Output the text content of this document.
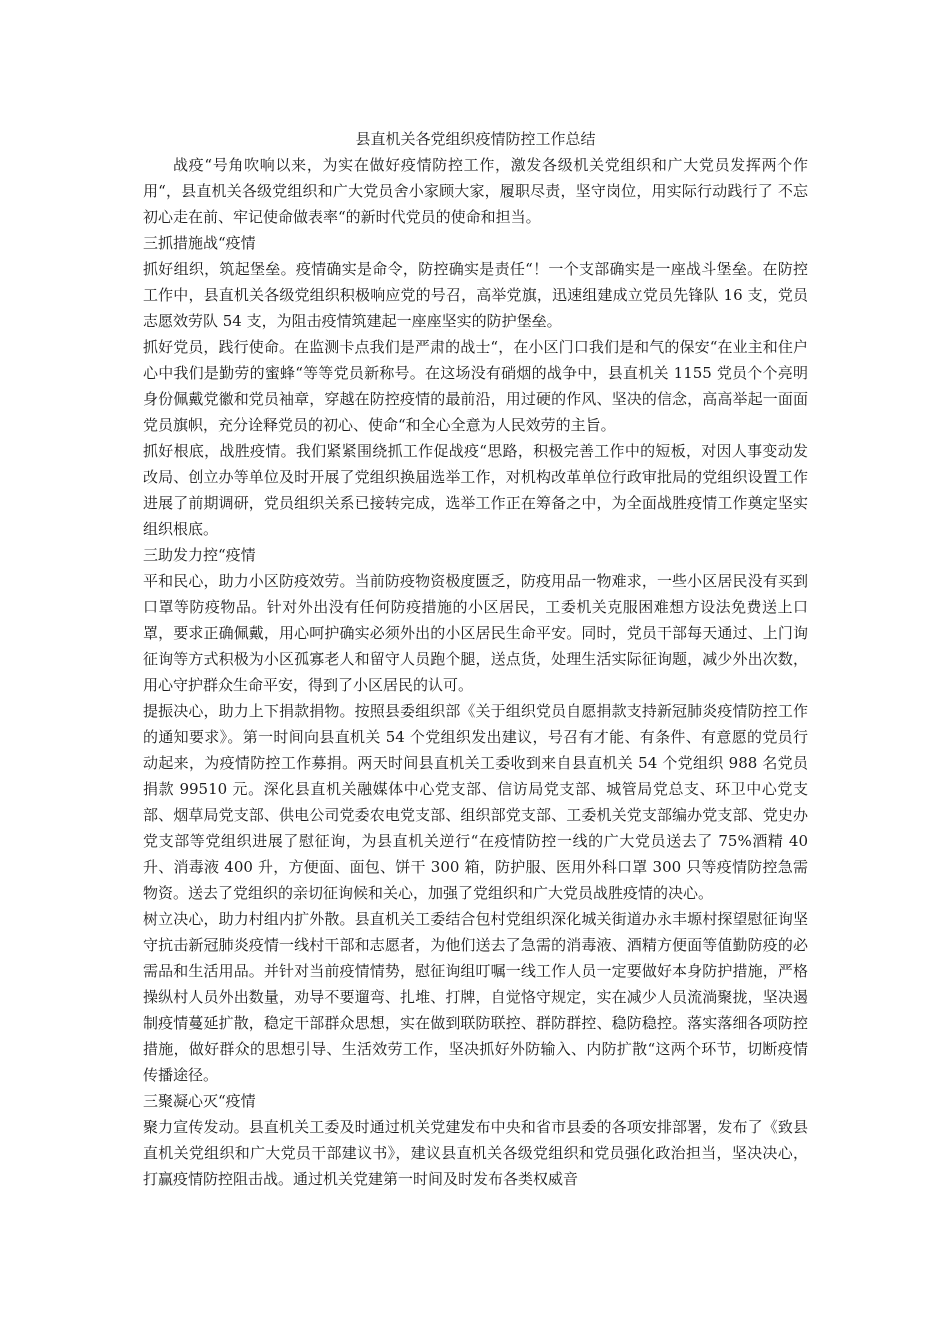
县直机关各党组织疫情防控工作总结

战疫“号角吹响以来，为实在做好疫情防控工作，激发各级机关党组织和广大党员发挥两个作用“，县直机关各级党组织和广大党员舍小家顾大家，履职尽责，坚守岗位，用实际行动践行了 不忘初心走在前、牢记使命做表率“的新时代党员的使命和担当。

三抓措施战“疫情

抓好组织，筑起堡垒。疫情确实是命令，防控确实是责任“！一个支部确实是一座战斗堡垒。在防控工作中，县直机关各级党组织积极响应党的号召，高举党旗，迅速组建成立党员先锋队 16 支，党员志愿效劳队 54 支，为阻击疫情筑建起一座座坚实的防护堡垒。

抓好党员，践行使命。在监测卡点我们是严肃的战士“，在小区门口我们是和气的保安“在业主和住户心中我们是勤劳的蜜蜂“等等党员新称号。在这场没有硝烟的战争中，县直机关 1155 党员个个亮明身份佩戴党徽和党员袖章，穿越在防控疫情的最前沿，用过硬的作风、坚决的信念，高高举起一面面党员旗帜，充分诠释党员的初心、使命“和全心全意为人民效劳的主旨。

抓好根底，战胜疫情。我们紧紧围绕抓工作促战疫“思路，积极完善工作中的短板，对因人事变动发改局、创立办等单位及时开展了党组织换届选举工作，对机构改革单位行政审批局的党组织设置工作进展了前期调研，党员组织关系已接转完成，选举工作正在筹备之中，为全面战胜疫情工作奠定坚实组织根底。

三助发力控“疫情

平和民心，助力小区防疫效劳。当前防疫物资极度匮乏，防疫用品一物难求，一些小区居民没有买到口罩等防疫物品。针对外出没有任何防疫措施的小区居民，工委机关克服困难想方设法免费送上口罩，要求正确佩戴，用心呵护确实必须外出的小区居民生命平安。同时，党员干部每天通过、上门询征询等方式积极为小区孤寡老人和留守人员跑个腿，送点货，处理生活实际征询题，减少外出次数，用心守护群众生命平安，得到了小区居民的认可。

提振决心，助力上下捐款捐物。按照县委组织部《关于组织党员自愿捐款支持新冠肺炎疫情防控工作的通知要求》。第一时间向县直机关 54 个党组织发出建议，号召有才能、有条件、有意愿的党员行动起来，为疫情防控工作募捐。两天时间县直机关工委收到来自县直机关 54 个党组织 988 名党员捐款 99510 元。深化县直机关融媒体中心党支部、信访局党支部、城管局党总支、环卫中心党支部、烟草局党支部、供电公司党委农电党支部、组织部党支部、工委机关党支部编办党支部、党史办党支部等党组织进展了慰征询，为县直机关逆行“在疫情防控一线的广大党员送去了 75%酒精 40 升、消毒液 400 升，方便面、面包、饼干 300 箱，防护服、医用外科口罩 300 只等疫情防控急需物资。送去了党组织的亲切征询候和关心，加强了党组织和广大党员战胜疫情的决心。

树立决心，助力村组内扩外散。县直机关工委结合包村党组织深化城关街道办永丰塬村探望慰征询坚守抗击新冠肺炎疫情一线村干部和志愿者，为他们送去了急需的消毒液、酒精方便面等值勤防疫的必需品和生活用品。并针对当前疫情情势，慰征询组叮嘱一线工作人员一定要做好本身防护措施，严格操纵村人员外出数量，劝导不要遛弯、扎堆、打牌，自觉恪守规定，实在减少人员流淌聚拢，坚决遏制疫情蔓延扩散，稳定干部群众思想，实在做到联防联控、群防群控、稳防稳控。落实落细各项防控措施，做好群众的思想引导、生活效劳工作，坚决抓好外防输入、内防扩散“这两个环节，切断疫情传播途径。

三聚凝心灭“疫情

聚力宣传发动。县直机关工委及时通过机关党建发布中央和省市县委的各项安排部署，发布了《致县直机关党组织和广大党员干部建议书》，建议县直机关各级党组织和党员强化政治担当，坚决决心，打赢疫情防控阻击战。通过机关党建第一时间及时发布各类权威音
